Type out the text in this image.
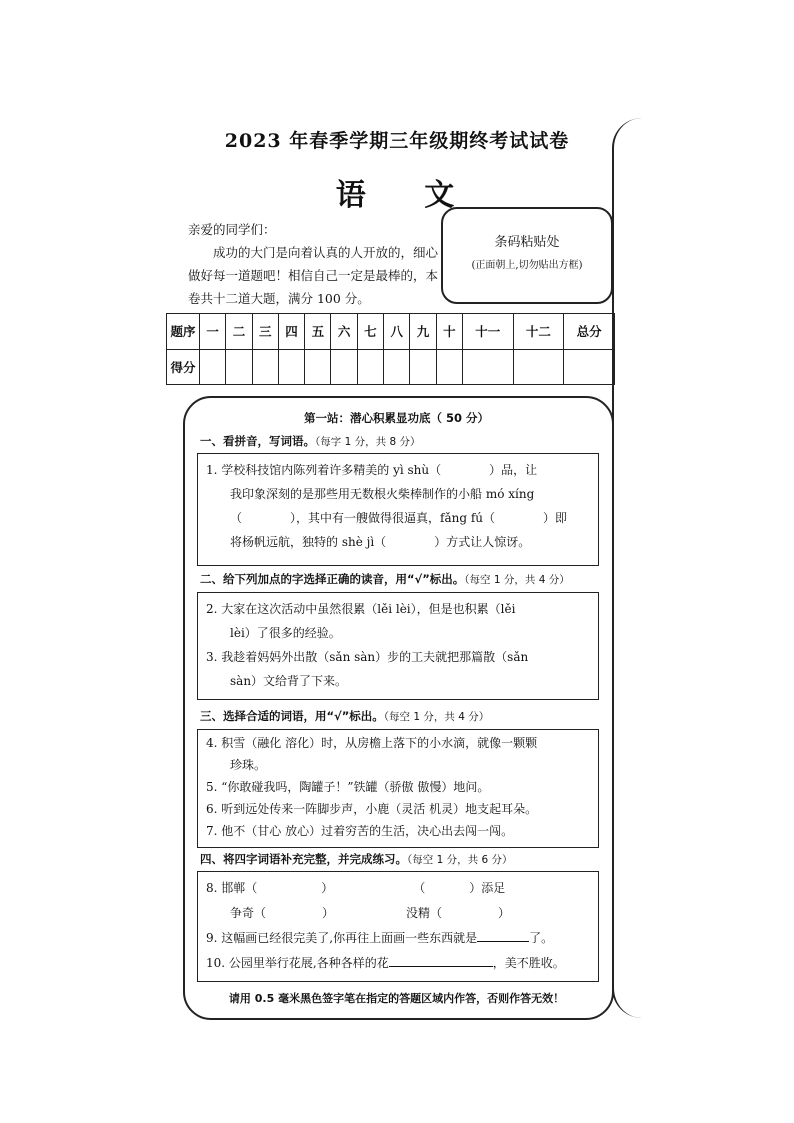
2023 年春季学期三年级期终考试试卷
语 文
亲爱的同学们：
成功的大门是向着认真的人开放的，细心做好每一道题吧！相信自己一定是最棒的，本卷共十二道大题，满分 100 分。
条码粘贴处
(正面朝上,切勿贴出方框)
题序	一	二	三	四	五	六	七	八	九	十	十一	十二	总分
得分													
第一站：潜心积累显功底（ 50 分）
一、看拼音，写词语。（每字 1 分，共 8 分）
1. 学校科技馆内陈列着许多精美的 yì shù（	）品，让
我印象深刻的是那些用无数根火柴棒制作的小船 mó xíng
（	），其中有一艘做得很逼真，fǎng fú（	）即
将杨帆远航，独特的 shè jì（	）方式让人惊讶。
二、给下列加点的字选择正确的读音，用“√”标出。（每空 1 分，共 4 分）
2. 大家在这次活动中虽然很累（lěi lèi），但是也积累（lěi
lèi）了很多的经验。
3. 我趁着妈妈外出散（sǎn sàn）步的工夫就把那篇散（sǎn
sàn）文给背了下来。
三、选择合适的词语，用“√”标出。（每空 1 分，共 4 分）
4. 积雪（融化 溶化）时，从房檐上落下的小水滴，就像一颗颗
珍珠。
5. “你敢碰我吗，陶罐子！”铁罐（骄傲 傲慢）地问。
6. 听到远处传来一阵脚步声，小鹿（灵活 机灵）地支起耳朵。
7. 他不（甘心 放心）过着穷苦的生活，决心出去闯一闯。
四、将四字词语补充完整，并完成练习。（每空 1 分，共 6 分）
8. 邯郸（	）	（	）添足
争奇（	）	没精（	）
9. 这幅画已经很完美了,你再往上面画一些东西就是	了。
10. 公园里举行花展,各种各样的花	，美不胜收。
请用 0.5 毫米黑色签字笔在指定的答题区域内作答，否则作答无效！
